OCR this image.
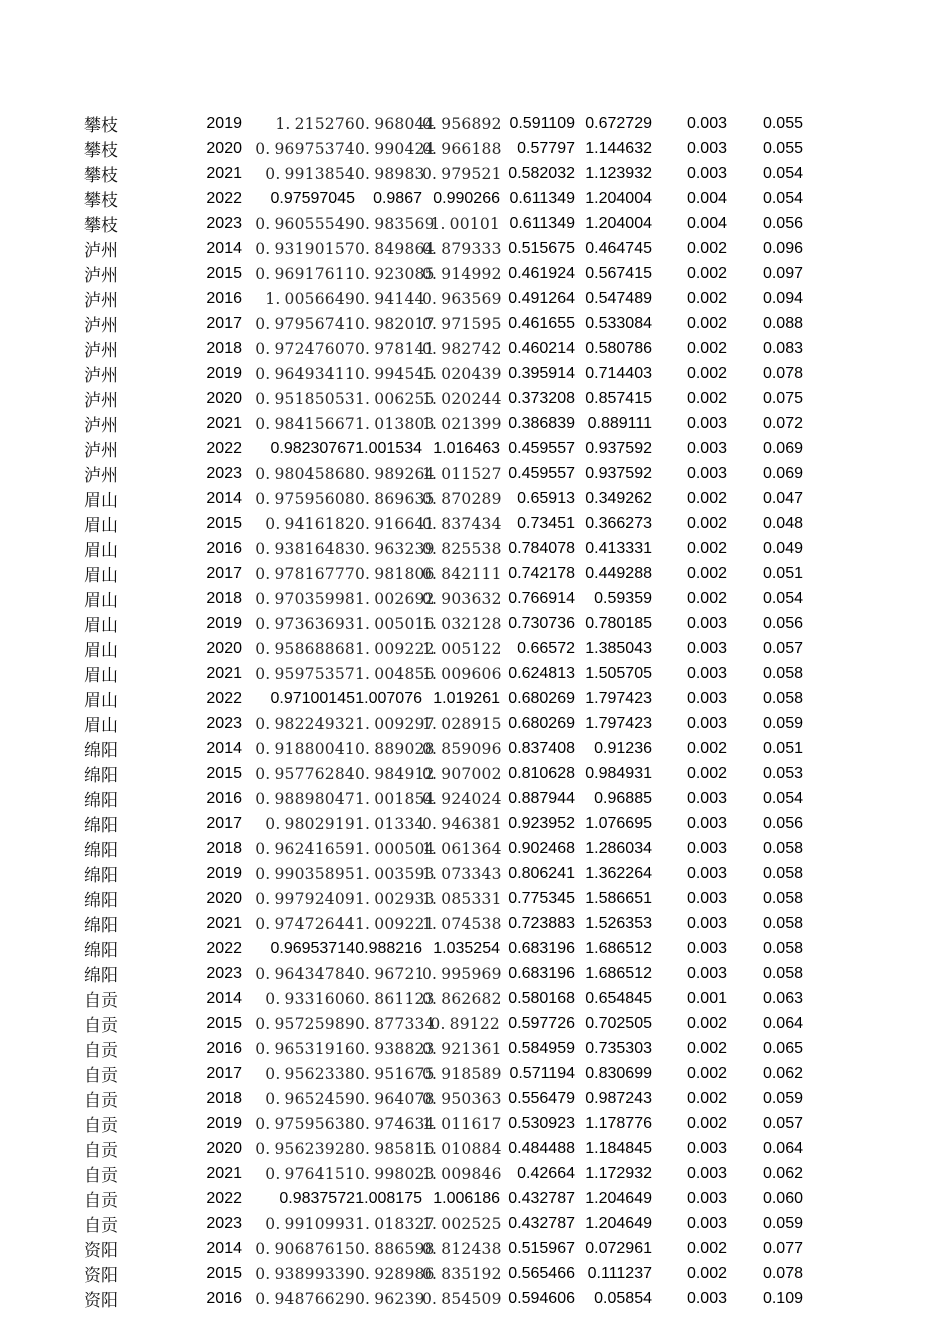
攀枝	2019	1. 215276	0. 968044	0. 956892	0.591109	0.672729	0.003	0.055
攀枝	2020	0. 96975374	0. 990424	0. 966188	0.57797	1.144632	0.003	0.055
攀枝	2021	0. 9913854	0. 98983	0. 979521	0.582032	1.123932	0.003	0.054
攀枝	2022	0.97597045	0.9867	0.990266	0.611349	1.204004	0.004	0.054
攀枝	2023	0. 96055549	0. 983569	1. 00101	0.611349	1.204004	0.004	0.056
泸州	2014	0. 93190157	0. 849864	0. 879333	0.515675	0.464745	0.002	0.096
泸州	2015	0. 96917611	0. 923085	0. 914992	0.461924	0.567415	0.002	0.097
泸州	2016	1. 0056649	0. 94144	0. 963569	0.491264	0.547489	0.002	0.094
泸州	2017	0. 97956741	0. 982017	0. 971595	0.461655	0.533084	0.002	0.088
泸州	2018	0. 97247607	0. 978141	0. 982742	0.460214	0.580786	0.002	0.083
泸州	2019	0. 96493411	0. 994545	1. 020439	0.395914	0.714403	0.002	0.078
泸州	2020	0. 95185053	1. 006255	1. 020244	0.373208	0.857415	0.002	0.075
泸州	2021	0. 98415667	1. 013803	1. 021399	0.386839	0.889111	0.003	0.072
泸州	2022	0.98230767	1.001534	1.016463	0.459557	0.937592	0.003	0.069
泸州	2023	0. 98045868	0. 989264	1. 011527	0.459557	0.937592	0.003	0.069
眉山	2014	0. 97595608	0. 869635	0. 870289	0.65913	0.349262	0.002	0.047
眉山	2015	0. 9416182	0. 916641	0. 837434	0.73451	0.366273	0.002	0.048
眉山	2016	0. 93816483	0. 963239	0. 825538	0.784078	0.413331	0.002	0.049
眉山	2017	0. 97816777	0. 981806	0. 842111	0.742178	0.449288	0.002	0.051
眉山	2018	0. 97035998	1. 002692	0. 903632	0.766914	0.59359	0.002	0.054
眉山	2019	0. 97363693	1. 005016	1. 032128	0.730736	0.780185	0.003	0.056
眉山	2020	0. 95868868	1. 009222	1. 005122	0.66572	1.385043	0.003	0.057
眉山	2021	0. 95975357	1. 004856	1. 009606	0.624813	1.505705	0.003	0.058
眉山	2022	0.97100145	1.007076	1.019261	0.680269	1.797423	0.003	0.058
眉山	2023	0. 98224932	1. 009297	1. 028915	0.680269	1.797423	0.003	0.059
绵阳	2014	0. 91880041	0. 889028	0. 859096	0.837408	0.91236	0.002	0.051
绵阳	2015	0. 95776284	0. 984912	0. 907002	0.810628	0.984931	0.002	0.053
绵阳	2016	0. 98898047	1. 001854	0. 924024	0.887944	0.96885	0.003	0.054
绵阳	2017	0. 9802919	1. 01334	0. 946381	0.923952	1.076695	0.003	0.056
绵阳	2018	0. 96241659	1. 000504	1. 061364	0.902468	1.286034	0.003	0.058
绵阳	2019	0. 99035895	1. 003593	1. 073343	0.806241	1.362264	0.003	0.058
绵阳	2020	0. 99792409	1. 002933	1. 085331	0.775345	1.586651	0.003	0.058
绵阳	2021	0. 97472644	1. 009221	1. 074538	0.723883	1.526353	0.003	0.058
绵阳	2022	0.96953714	0.988216	1.035254	0.683196	1.686512	0.003	0.058
绵阳	2023	0. 96434784	0. 96721	0. 995969	0.683196	1.686512	0.003	0.058
自贡	2014	0. 9331606	0. 861123	0. 862682	0.580168	0.654845	0.001	0.063
自贡	2015	0. 95725989	0. 877334	0. 89122	0.597726	0.702505	0.002	0.064
自贡	2016	0. 96531916	0. 938823	0. 921361	0.584959	0.735303	0.002	0.065
自贡	2017	0. 9562338	0. 951675	0. 918589	0.571194	0.830699	0.002	0.062
自贡	2018	0. 9652459	0. 964078	0. 950363	0.556479	0.987243	0.002	0.059
自贡	2019	0. 97595638	0. 974634	1. 011617	0.530923	1.178776	0.002	0.057
自贡	2020	0. 95623928	0. 985816	1. 010884	0.484488	1.184845	0.003	0.064
自贡	2021	0. 9764151	0. 998023	1. 009846	0.42664	1.172932	0.003	0.062
自贡	2022	0.9837572	1.008175	1.006186	0.432787	1.204649	0.003	0.060
自贡	2023	0. 9910993	1. 018327	1. 002525	0.432787	1.204649	0.003	0.059
资阳	2014	0. 90687615	0. 886598	0. 812438	0.515967	0.072961	0.002	0.077
资阳	2015	0. 93899339	0. 928986	0. 835192	0.565466	0.111237	0.002	0.078
资阳	2016	0. 94876629	0. 96239	0. 854509	0.594606	0.05854	0.003	0.109
